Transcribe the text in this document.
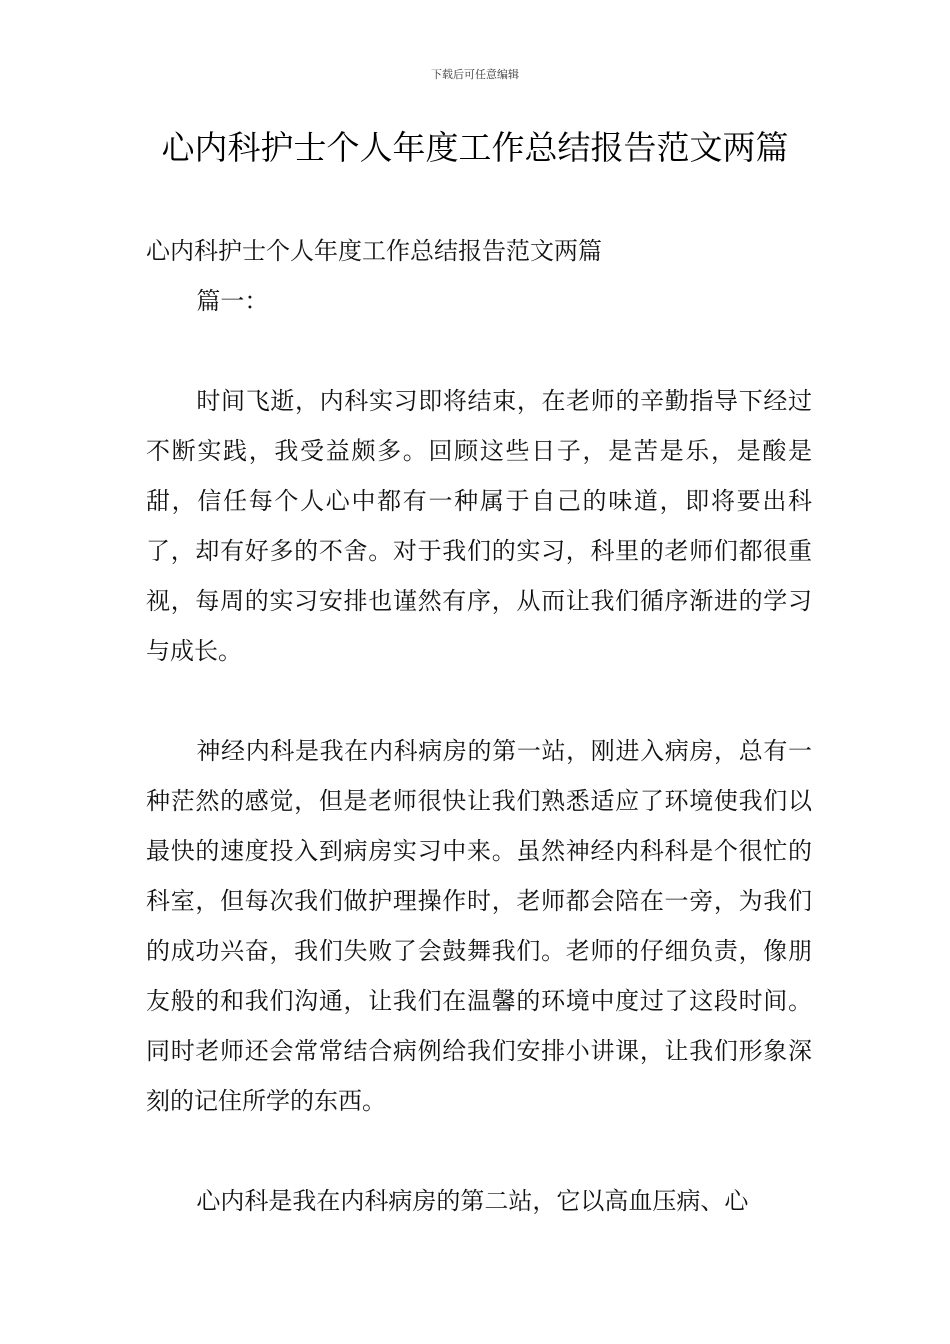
下载后可任意编辑
心内科护士个人年度工作总结报告范文两篇

心内科护士个人年度工作总结报告范文两篇

篇一：

时间飞逝，内科实习即将结束，在老师的辛勤指导下经过不断实践，我受益颇多。回顾这些日子，是苦是乐，是酸是甜，信任每个人心中都有一种属于自己的味道，即将要出科了，却有好多的不舍。对于我们的实习，科里的老师们都很重视，每周的实习安排也谨然有序，从而让我们循序渐进的学习与成长。

神经内科是我在内科病房的第一站，刚进入病房，总有一种茫然的感觉，但是老师很快让我们熟悉适应了环境使我们以最快的速度投入到病房实习中来。虽然神经内科科是个很忙的科室，但每次我们做护理操作时，老师都会陪在一旁，为我们的成功兴奋，我们失败了会鼓舞我们。老师的仔细负责，像朋友般的和我们沟通，让我们在温馨的环境中度过了这段时间。同时老师还会常常结合病例给我们安排小讲课，让我们形象深刻的记住所学的东西。

心内科是我在内科病房的第二站，它以高血压病、心
